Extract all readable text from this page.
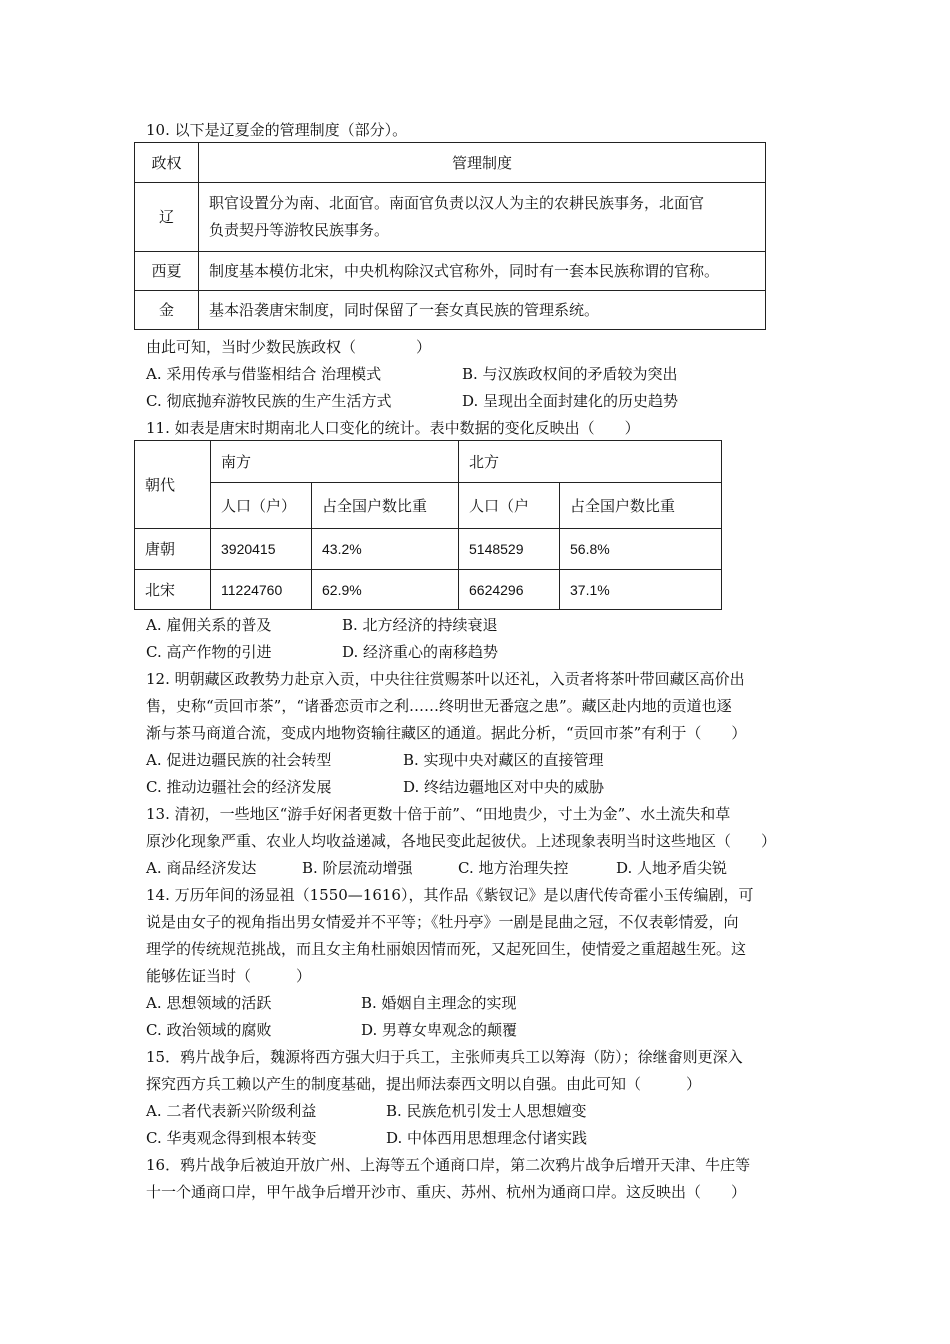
10. 以下是辽夏金的管理制度（部分）。
政权	管理制度
辽	职官设置分为南、北面官。南面官负责以汉人为主的农耕民族事务，北面官
负责契丹等游牧民族事务。
西夏	制度基本模仿北宋，中央机构除汉式官称外，同时有一套本民族称谓的官称。
金	基本沿袭唐宋制度，同时保留了一套女真民族的管理系统。
由此可知，当时少数民族政权（　　　　）
A. 采用传承与借鉴相结合 治理模式	B. 与汉族政权间的矛盾较为突出
C. 彻底抛弃游牧民族的生产生活方式	D. 呈现出全面封建化的历史趋势
11. 如表是唐宋时期南北人口变化的统计。表中数据的变化反映出（　　）
朝代	南方		北方	
	人口（户）	占全国户数比重	人口（户	占全国户数比重
唐朝	3920415	43.2%	5148529	56.8%
北宋	11224760	62.9%	6624296	37.1%
A. 雇佣关系的普及	B. 北方经济的持续衰退
C. 高产作物的引进	D. 经济重心的南移趋势
12. 明朝藏区政教势力赴京入贡，中央往往赏赐茶叶以还礼，入贡者将茶叶带回藏区高价出
售，史称“贡回市茶”，“诸番恋贡市之利……终明世无番寇之患”。藏区赴内地的贡道也逐
渐与茶马商道合流，变成内地物资输往藏区的通道。据此分析，“贡回市茶”有利于（　　）
A. 促进边疆民族的社会转型	B. 实现中央对藏区的直接管理
C. 推动边疆社会的经济发展	D. 终结边疆地区对中央的威胁
13. 清初，一些地区“游手好闲者更数十倍于前”、“田地贵少，寸土为金”、水土流失和草
原沙化现象严重、农业人均收益递减，各地民变此起彼伏。上述现象表明当时这些地区（　　）
A. 商品经济发达	B. 阶层流动增强	C. 地方治理失控	D. 人地矛盾尖锐
14. 万历年间的汤显祖（1550—1616），其作品《紫钗记》是以唐代传奇霍小玉传编剧，可
说是由女子的视角指出男女情爱并不平等；《牡丹亭》一剧是昆曲之冠，不仅表彰情爱，向
理学的传统规范挑战，而且女主角杜丽娘因情而死，又起死回生，使情爱之重超越生死。这
能够佐证当时（　　　）
A. 思想领域的活跃	B. 婚姻自主理念的实现
C. 政治领域的腐败	D. 男尊女卑观念的颠覆
15．鸦片战争后，魏源将西方强大归于兵工，主张师夷兵工以筹海（防）；徐继畲则更深入
探究西方兵工赖以产生的制度基础，提出师法泰西文明以自强。由此可知（　　　）
A. 二者代表新兴阶级利益	B. 民族危机引发士人思想嬗变
C. 华夷观念得到根本转变	D. 中体西用思想理念付诸实践
16．鸦片战争后被迫开放广州、上海等五个通商口岸，第二次鸦片战争后增开天津、牛庄等
十一个通商口岸，甲午战争后增开沙市、重庆、苏州、杭州为通商口岸。这反映出（　　）
